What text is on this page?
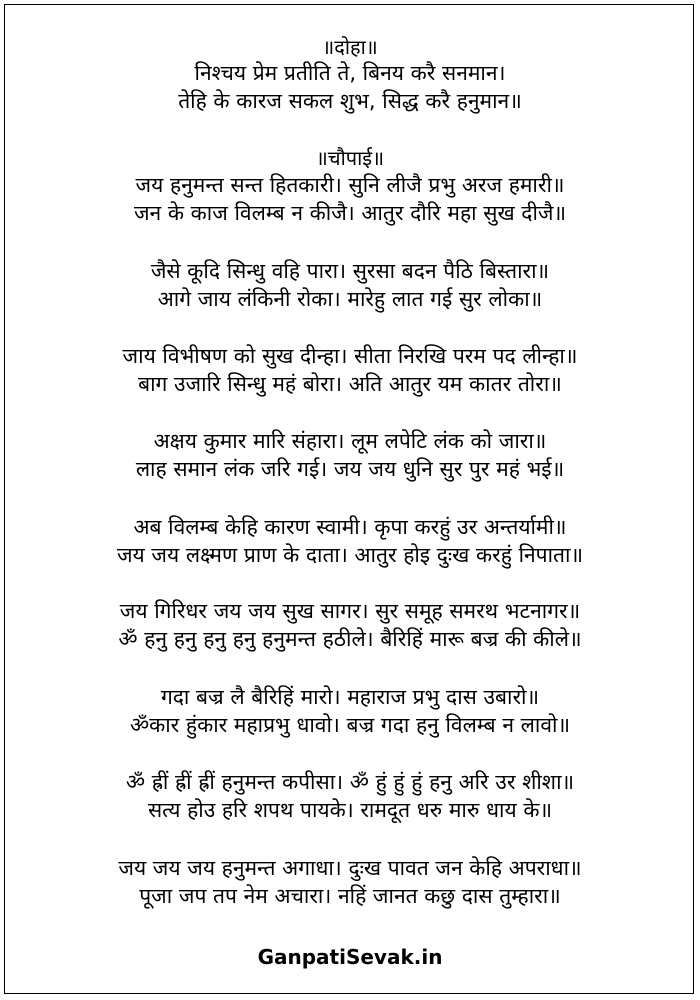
॥दोहा॥
निश्चय प्रेम प्रतीति ते, बिनय करै सनमान।
तेहि के कारज सकल शुभ, सिद्ध करै हनुमान॥
॥चौपाई॥
जय हनुमन्त सन्त हितकारी। सुनि लीजै प्रभु अरज हमारी॥
जन के काज विलम्ब न कीजै। आतुर दौरि महा सुख दीजै॥
जैसे कूदि सिन्धु वहि पारा। सुरसा बदन पैठि बिस्तारा॥
आगे जाय लंकिनी रोका। मारेहु लात गई सुर लोका॥
जाय विभीषण को सुख दीन्हा। सीता निरखि परम पद लीन्हा॥
बाग उजारि सिन्धु महं बोरा। अति आतुर यम कातर तोरा॥
अक्षय कुमार मारि संहारा। लूम लपेटि लंक को जारा॥
लाह समान लंक जरि गई। जय जय धुनि सुर पुर महं भई॥
अब विलम्ब केहि कारण स्वामी। कृपा करहुं उर अन्तर्यामी॥
जय जय लक्ष्मण प्राण के दाता। आतुर होइ दुःख करहुं निपाता॥
जय गिरिधर जय जय सुख सागर। सुर समूह समरथ भटनागर॥
ॐ हनु हनु हनु हनु हनुमन्त हठीले। बैरिहिं मारू बज्र की कीले॥
गदा बज्र लै बैरिहिं मारो। महाराज प्रभु दास उबारो॥
ॐकार हुंकार महाप्रभु धावो। बज्र गदा हनु विलम्ब न लावो॥
ॐ ह्रीं ह्रीं ह्रीं हनुमन्त कपीसा। ॐ हुं हुं हुं हनु अरि उर शीशा॥
सत्य होउ हरि शपथ पायके। रामदूत धरु मारु धाय के॥
जय जय जय हनुमन्त अगाधा। दुःख पावत जन केहि अपराधा॥
पूजा जप तप नेम अचारा। नहिं जानत कछु दास तुम्हारा॥
GanpatiSevak.in
